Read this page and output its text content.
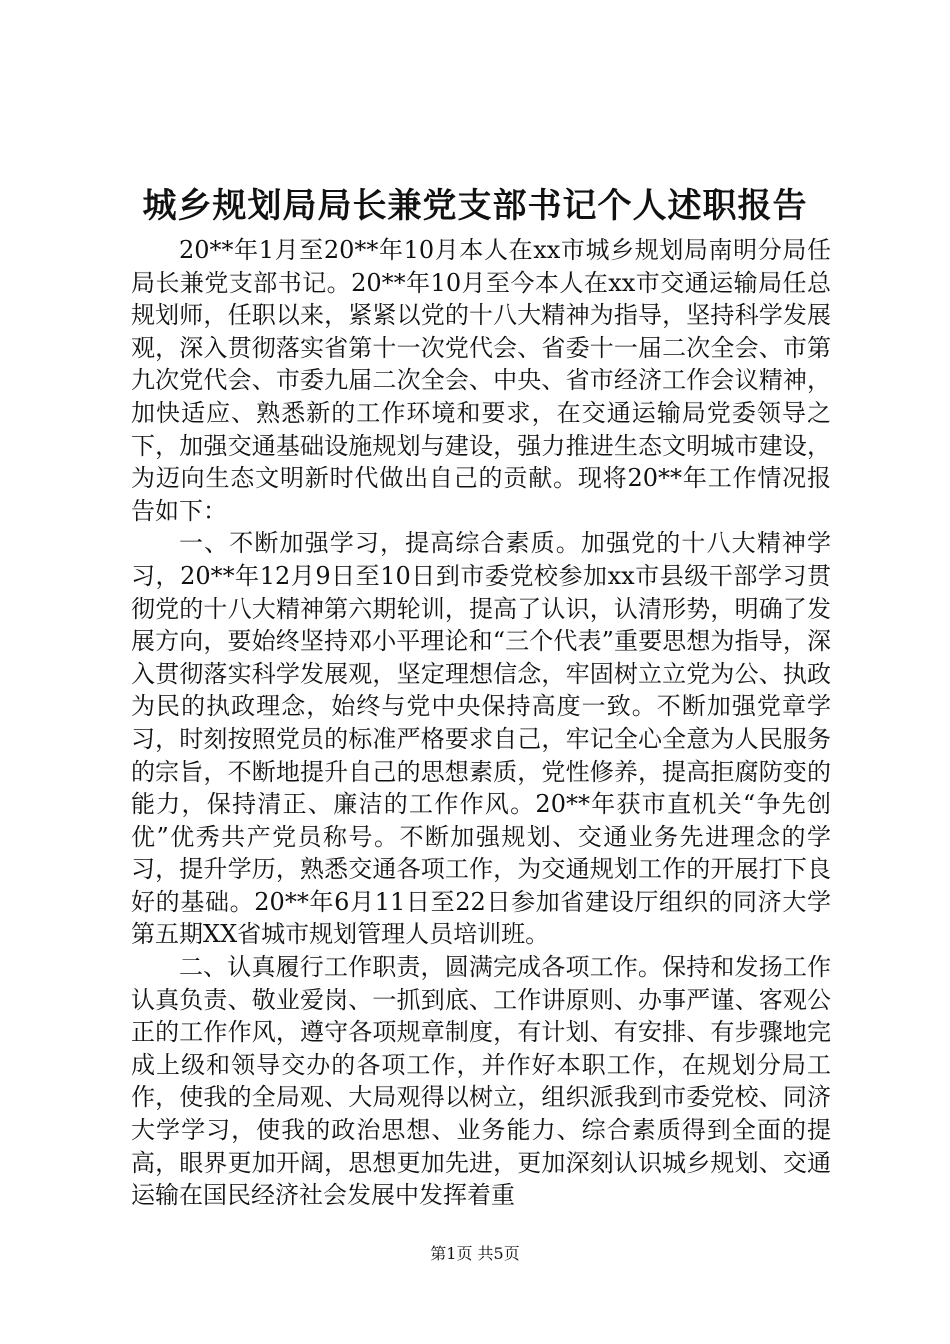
城乡规划局局长兼党支部书记个人述职报告

20**年1月至20**年10月本人在xx市城乡规划局南明分局任局长兼党支部书记。20**年10月至今本人在xx市交通运输局任总规划师，任职以来，紧紧以党的十八大精神为指导，坚持科学发展观，深入贯彻落实省第十一次党代会、省委十一届二次全会、市第九次党代会、市委九届二次全会、中央、省市经济工作会议精神，加快适应、熟悉新的工作环境和要求，在交通运输局党委领导之下，加强交通基础设施规划与建设，强力推进生态文明城市建设，为迈向生态文明新时代做出自己的贡献。现将20**年工作情况报告如下：

一、不断加强学习，提高综合素质。加强党的十八大精神学习，20**年12月9日至10日到市委党校参加xx市县级干部学习贯彻党的十八大精神第六期轮训，提高了认识，认清形势，明确了发展方向，要始终坚持邓小平理论和“三个代表”重要思想为指导，深入贯彻落实科学发展观，坚定理想信念，牢固树立立党为公、执政为民的执政理念，始终与党中央保持高度一致。不断加强党章学习，时刻按照党员的标准严格要求自己，牢记全心全意为人民服务的宗旨，不断地提升自己的思想素质，党性修养，提高拒腐防变的能力，保持清正、廉洁的工作作风。20**年获市直机关“争先创优”优秀共产党员称号。不断加强规划、交通业务先进理念的学习，提升学历，熟悉交通各项工作，为交通规划工作的开展打下良好的基础。20**年6月11日至22日参加省建设厅组织的同济大学第五期XX省城市规划管理人员培训班。

二、认真履行工作职责，圆满完成各项工作。保持和发扬工作认真负责、敬业爱岗、一抓到底、工作讲原则、办事严谨、客观公正的工作作风，遵守各项规章制度，有计划、有安排、有步骤地完成上级和领导交办的各项工作，并作好本职工作，在规划分局工作，使我的全局观、大局观得以树立，组织派我到市委党校、同济大学学习，使我的政治思想、业务能力、综合素质得到全面的提高，眼界更加开阔，思想更加先进，更加深刻认识城乡规划、交通运输在国民经济社会发展中发挥着重

第1页 共5页
